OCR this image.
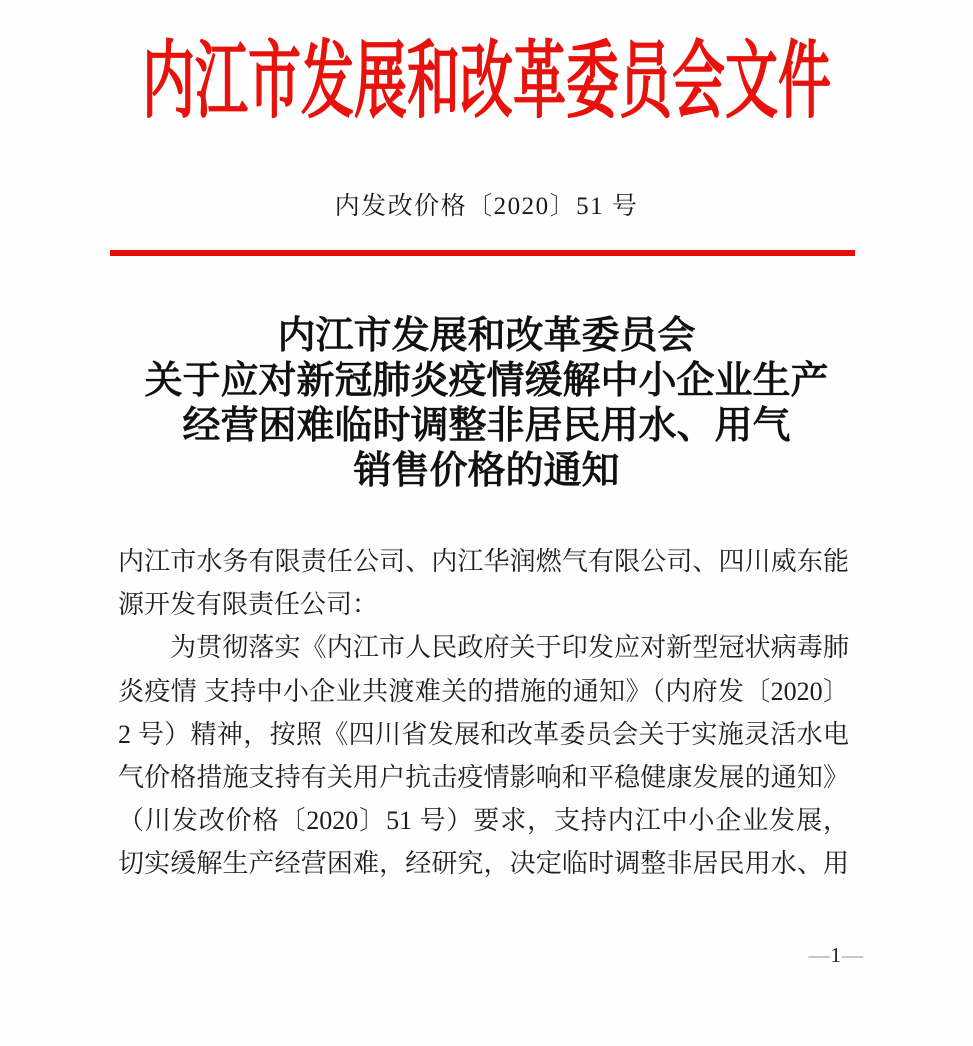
内江市发展和改革委员会文件
内发改价格〔2020〕51 号
内江市发展和改革委员会
关于应对新冠肺炎疫情缓解中小企业生产
经营困难临时调整非居民用水、用气
销售价格的通知
内江市水务有限责任公司、内江华润燃气有限公司、四川威东能
源开发有限责任公司：
为贯彻落实《内江市人民政府关于印发应对新型冠状病毒肺
炎疫情 支持中小企业共渡难关的措施的通知》（内府发〔2020〕
2 号）精神，按照《四川省发展和改革委员会关于实施灵活水电
气价格措施支持有关用户抗击疫情影响和平稳健康发展的通知》
（川发改价格〔2020〕51 号）要求，支持内江中小企业发展，
切实缓解生产经营困难，经研究，决定临时调整非居民用水、用
—1—
